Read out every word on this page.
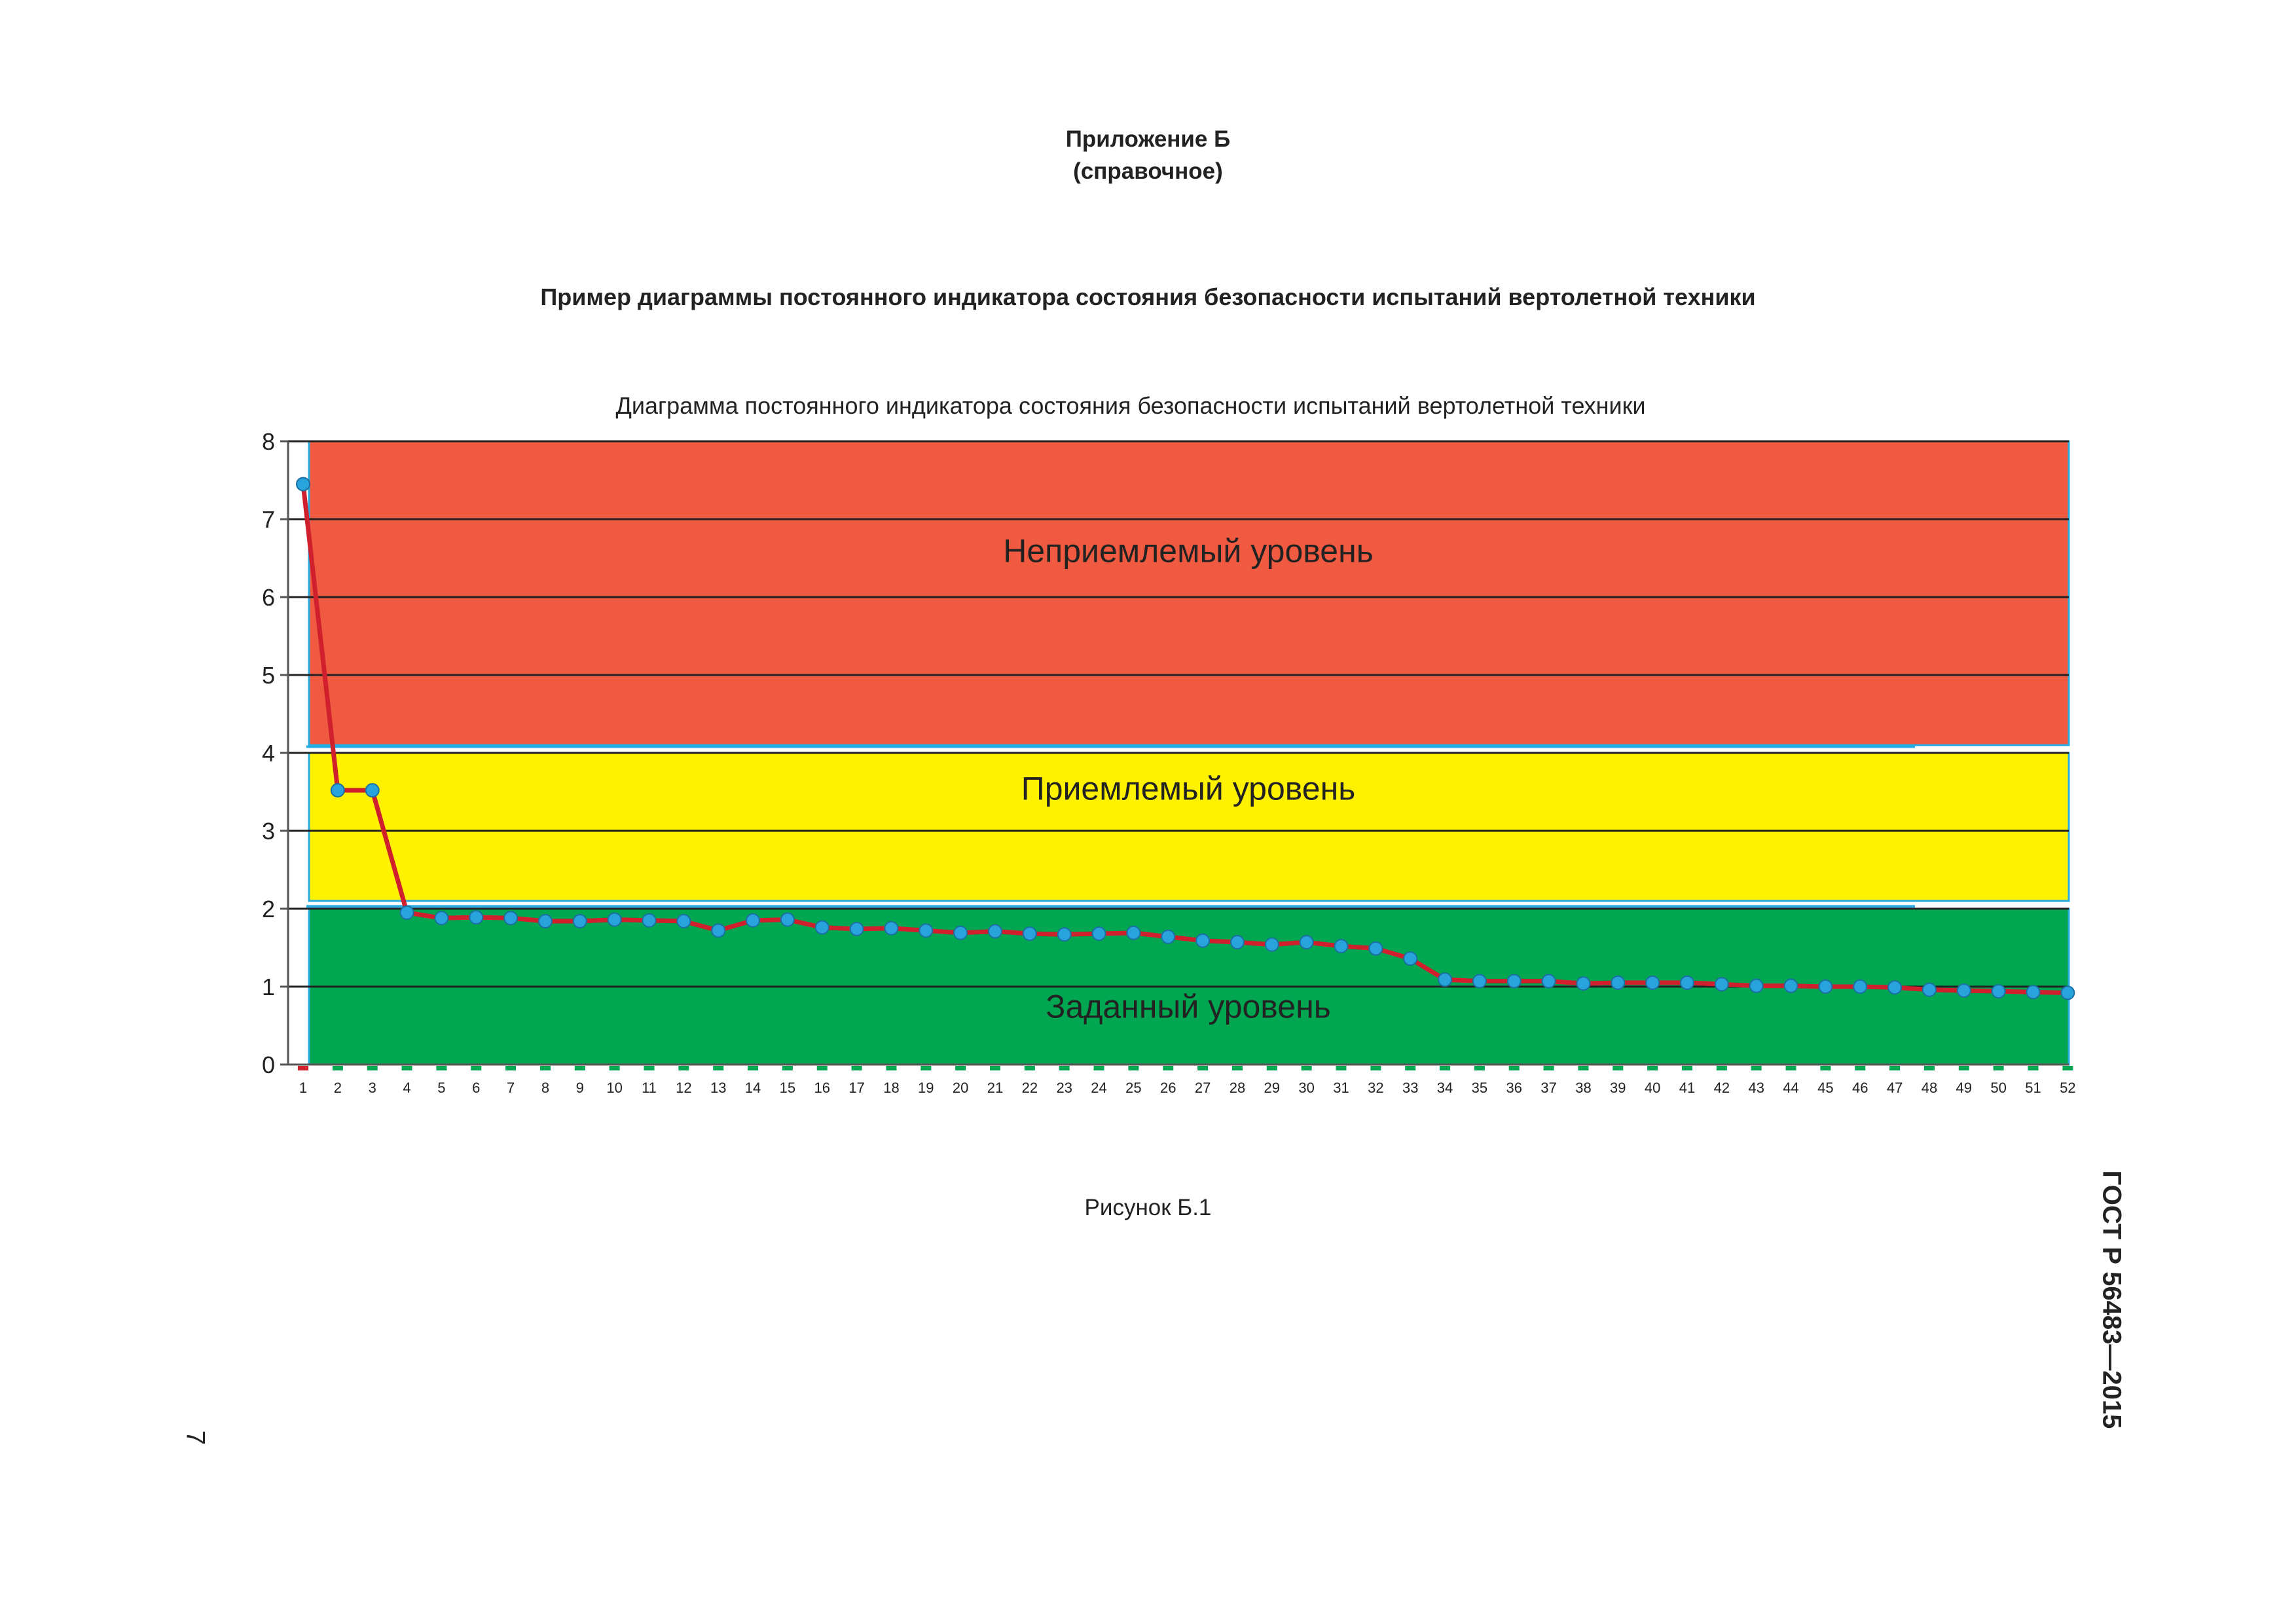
Приложение Б
(справочное)
Пример диаграммы постоянного индикатора состояния безопасности испытаний вертолетной техники
Диаграмма постоянного индикатора состояния безопасности испытаний вертолетной техники
0
1
2
3
4
5
6
7
8
1 2 3 4 5 6 7 8 9 10 11 12 13 14 15 16 17 18 19 20 21 22 23 24 25 26 27 28 29 30 31 32 33 34 35 36 37 38 39 40 41 42 43 44 45 46 47 48 49 50 51 52
Неприемлемый уровень
Приемлемый уровень
Заданный уровень
Рисунок Б.1	ГОСТ Р 56483—2015
7
